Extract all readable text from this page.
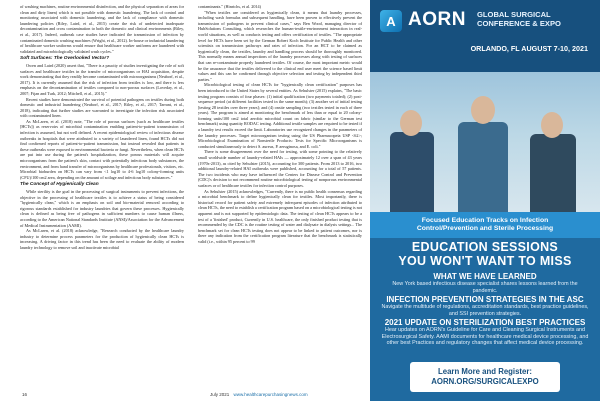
of washing machines, routine environmental disinfection, and the physical separation of areas for clean and dirty linen) which is not possible with domestic laundering. The lack of control and monitoring associated with domestic laundering, and the lack of compliance with domestic laundering policies (Riley, Laird, et al., 2015) create the risk of undetected inadequate decontamination and cross contamination to both the domestic and clinical environments (Riley, et al., 2017). Indeed, outbreak case studies have indicated the transmission of infection by contaminated domestic washing machines (Wright, et al., 2012). In-house or industrial laundering of healthcare worker uniforms would ensure that healthcare worker uniforms are laundered with validated and microbiologically validated wash cycles."

Soft Surfaces: The Overlooked Vector?

Owen and Laird (2020) assert that, "There is a paucity of studies investigating the role of soft surfaces and healthcare textiles in the transfer of microorganisms or HAI acquisition, despite work demonstrating that they readily become contaminated with microorganisms (Neuborf, et al., 2017). It is currently assumed that the risk of infection from textiles is low, and there is less emphasis on the decontamination of textiles compared to non-porous surfaces (Loveday, et al., 2007; Fijan and Turk, 2012; Mitchell, et al., 2015)."

Recent studies have demonstrated the survival of potential pathogens on textiles during both domestic and industrial laundering (Neuborf, et al., 2017; Riley, et al., 2017; Tarrant, et al., 2018), indicating that further studies are warranted to investigate the infection risk associated with contaminated linen.

As McLaren, et al. (2018) note, "The role of porous surfaces (such as healthcare textiles [HCTs]) as reservoirs of microbial contamination enabling patient-to-patient transmission of infection is assumed, but not well defined. A recent epidemiological review of infectious disease outbreaks in hospitals that were attributed to a variety of laundered linen, found HCTs did not find confirmed reports of patient-to-patient transmission, but instead revealed that patients in these outbreaks were exposed to environmental bacteria or fungi. Nevertheless, when clean HCTs are put into use during the patient's hospitalization, these porous materials will acquire microorganisms from the patient's skin, contact with potentially infectious body substances, the environment, and from hand transfer of microorganisms by healthcare professionals, visitors, etc. Microbial bioburden on HCTs can vary from <1 log10 to 4-6 log10 colony-forming units (CFU)/100 cm2 area, depending on the amount of soilage and infectious body substances."

The Concept of Hygienically Clean

While sterility is the goal in the processing of surgical instruments to prevent infections, the objective in the processing of healthcare textiles is to achieve a status of being considered "hygienically clean," which is an emphasis on soil and bio-material removal according to rigorous standards established for industry laundries that govern these processes. Hygienically clean is defined as being free of pathogens in sufficient numbers to cause human illness, according to the American National Standards Institute (ANSI)/Association for the Advancement of Medical Instrumentation (AAMI).

As McLaren, et al. (2018) acknowledge, "Research conducted by the healthcare laundry industry to determine process parameters for the production of hygienically clean HCTs is increasing. A driving factor in this trend has been the need to evaluate the ability of modern laundry technology to remove soil and inactivate microbial

contaminants." (Hinrichs, et al. 2014)

"When textiles are considered as hygienically clean, it means that laundry processes, including wash formulas and subsequent handling, have been proven to effectively prevent the transmission of pathogens to prevent clinical cases," says Ben Wood, managing director of HubSolutions Consulting, which researches the human-textile-environment interaction in real-world situations, as well as conducts testing and offers certification of textiles. "The appropriate level for HCTs have been set by the German Robert Koch Institute for Public Health and other scientists on transmission pathways and rates of infection. For an HCT to be claimed as hygienically clean, the textiles, laundry and handling process should be thoroughly monitored. This normally means annual inspections of the laundry processes along with testing of surfaces that can re-contaminate properly laundered textiles. Of course, the most important metric would be the assurance that the textiles delivered to the clinical end user meet the science based limit values and this can be confirmed through objective selection and testing by independent third parties."

Microbiological testing of clean HCTs for "hygienically clean certification" purposes has been introduced to the United States by several entities. As Sehulster (2015) explains, "The basic testing program consists of four phases: (1) initial qualification (two payments totaled); (2) post-sequence period (at different facilities tested in the same month); (3) another set of initial testing [testing 28 textiles over three years]; and (4) onsite sampling (two textiles tested in each of three years). The program is aimed at monitoring the benchmark of less than or equal to 20 colony-forming units/100 cm2 total aerobic microbial count on fabric (similar to the German test benchmark) using quantity RODAC testing. Additional textile samples are required to be tested if a laundry test results exceed the limit. Laboratories use recognized changes in the parameters of the laundry processes. Target microorganism testing using the US Pharmacopeia USP <62>; Microbiological Examination of Nonsterile Products: Tests for Specific Microorganisms is conducted simultaneously to detect S. aureus, P. aeruginosa, and E. coli."

There is some disagreement over the need for testing, with some pointing to the relatively small worldwide number of laundry-related HAIs — approximately 12 over a span of 43 years (1970s-2013), as cited by Sehulster (2015), accounting for 300 patients. From 2013 to 2016, two additional laundry-related HAI outbreaks were published, accounting for a total of 57 patients. The two incidents who may have influenced the Centers for Disease Control and Prevention (CDC)'s decision to not recommend routine microbiological testing of nonporous environmental surfaces or of healthcare textiles for infection control purposes.

As Sehulster (2015) acknowledges, "Currently, there is no public health consensus regarding a microbial benchmark to define hygienically clean for textiles. Most importantly, there is historical record for patient safety and extremely infrequent episodes of infection attributed to clean HCTs, the need to establish a certification program based on a microbiological testing is not apparent and is not supported by epidemiologic data. The testing of clean HCTs appears to be a test of a 'finished' product, Currently in U.S. healthcare, the only finished product testing that is recommended by the CDC is the routine testing of water and dialysate in dialysis settings... The benchmark set for clean HCTs testing does not appear to be linked to patient outcomes, nor is there any indication from the certification program literature that the benchmark is statistically valid (i.e., within 95 percent to 99

16	July 2021 www.healthcarepurchasingnews.com
A AORN GLOBAL SURGICAL
CONFERENCE & EXPO
ORLANDO, FL AUGUST 7-10, 2021
Focused Education Tracks on Infection
Control/Prevention and Sterile Processing
EDUCATION SESSIONS
YOU WON'T WANT TO MISS
WHAT WE HAVE LEARNED
New York based infectious disease specialist shares lessons learned from the pandemic.
INFECTION PREVENTION STRATEGIES IN THE ASC
Navigate the multitude of regulations, accreditation standards, best practice guidelines, and SSI prevention strategies.
2021 UPDATE ON STERILIZATION BEST PRACTICES
Hear updates on AORN's Guideline for Care and Cleaning Surgical Instruments and Electrosurgical Safety. AAMI documents for healthcare medical device processing, and other best Practices and regulatory changes that affect medical device processing.
Learn More and Register:
AORN.ORG/SURGICALEXPO
